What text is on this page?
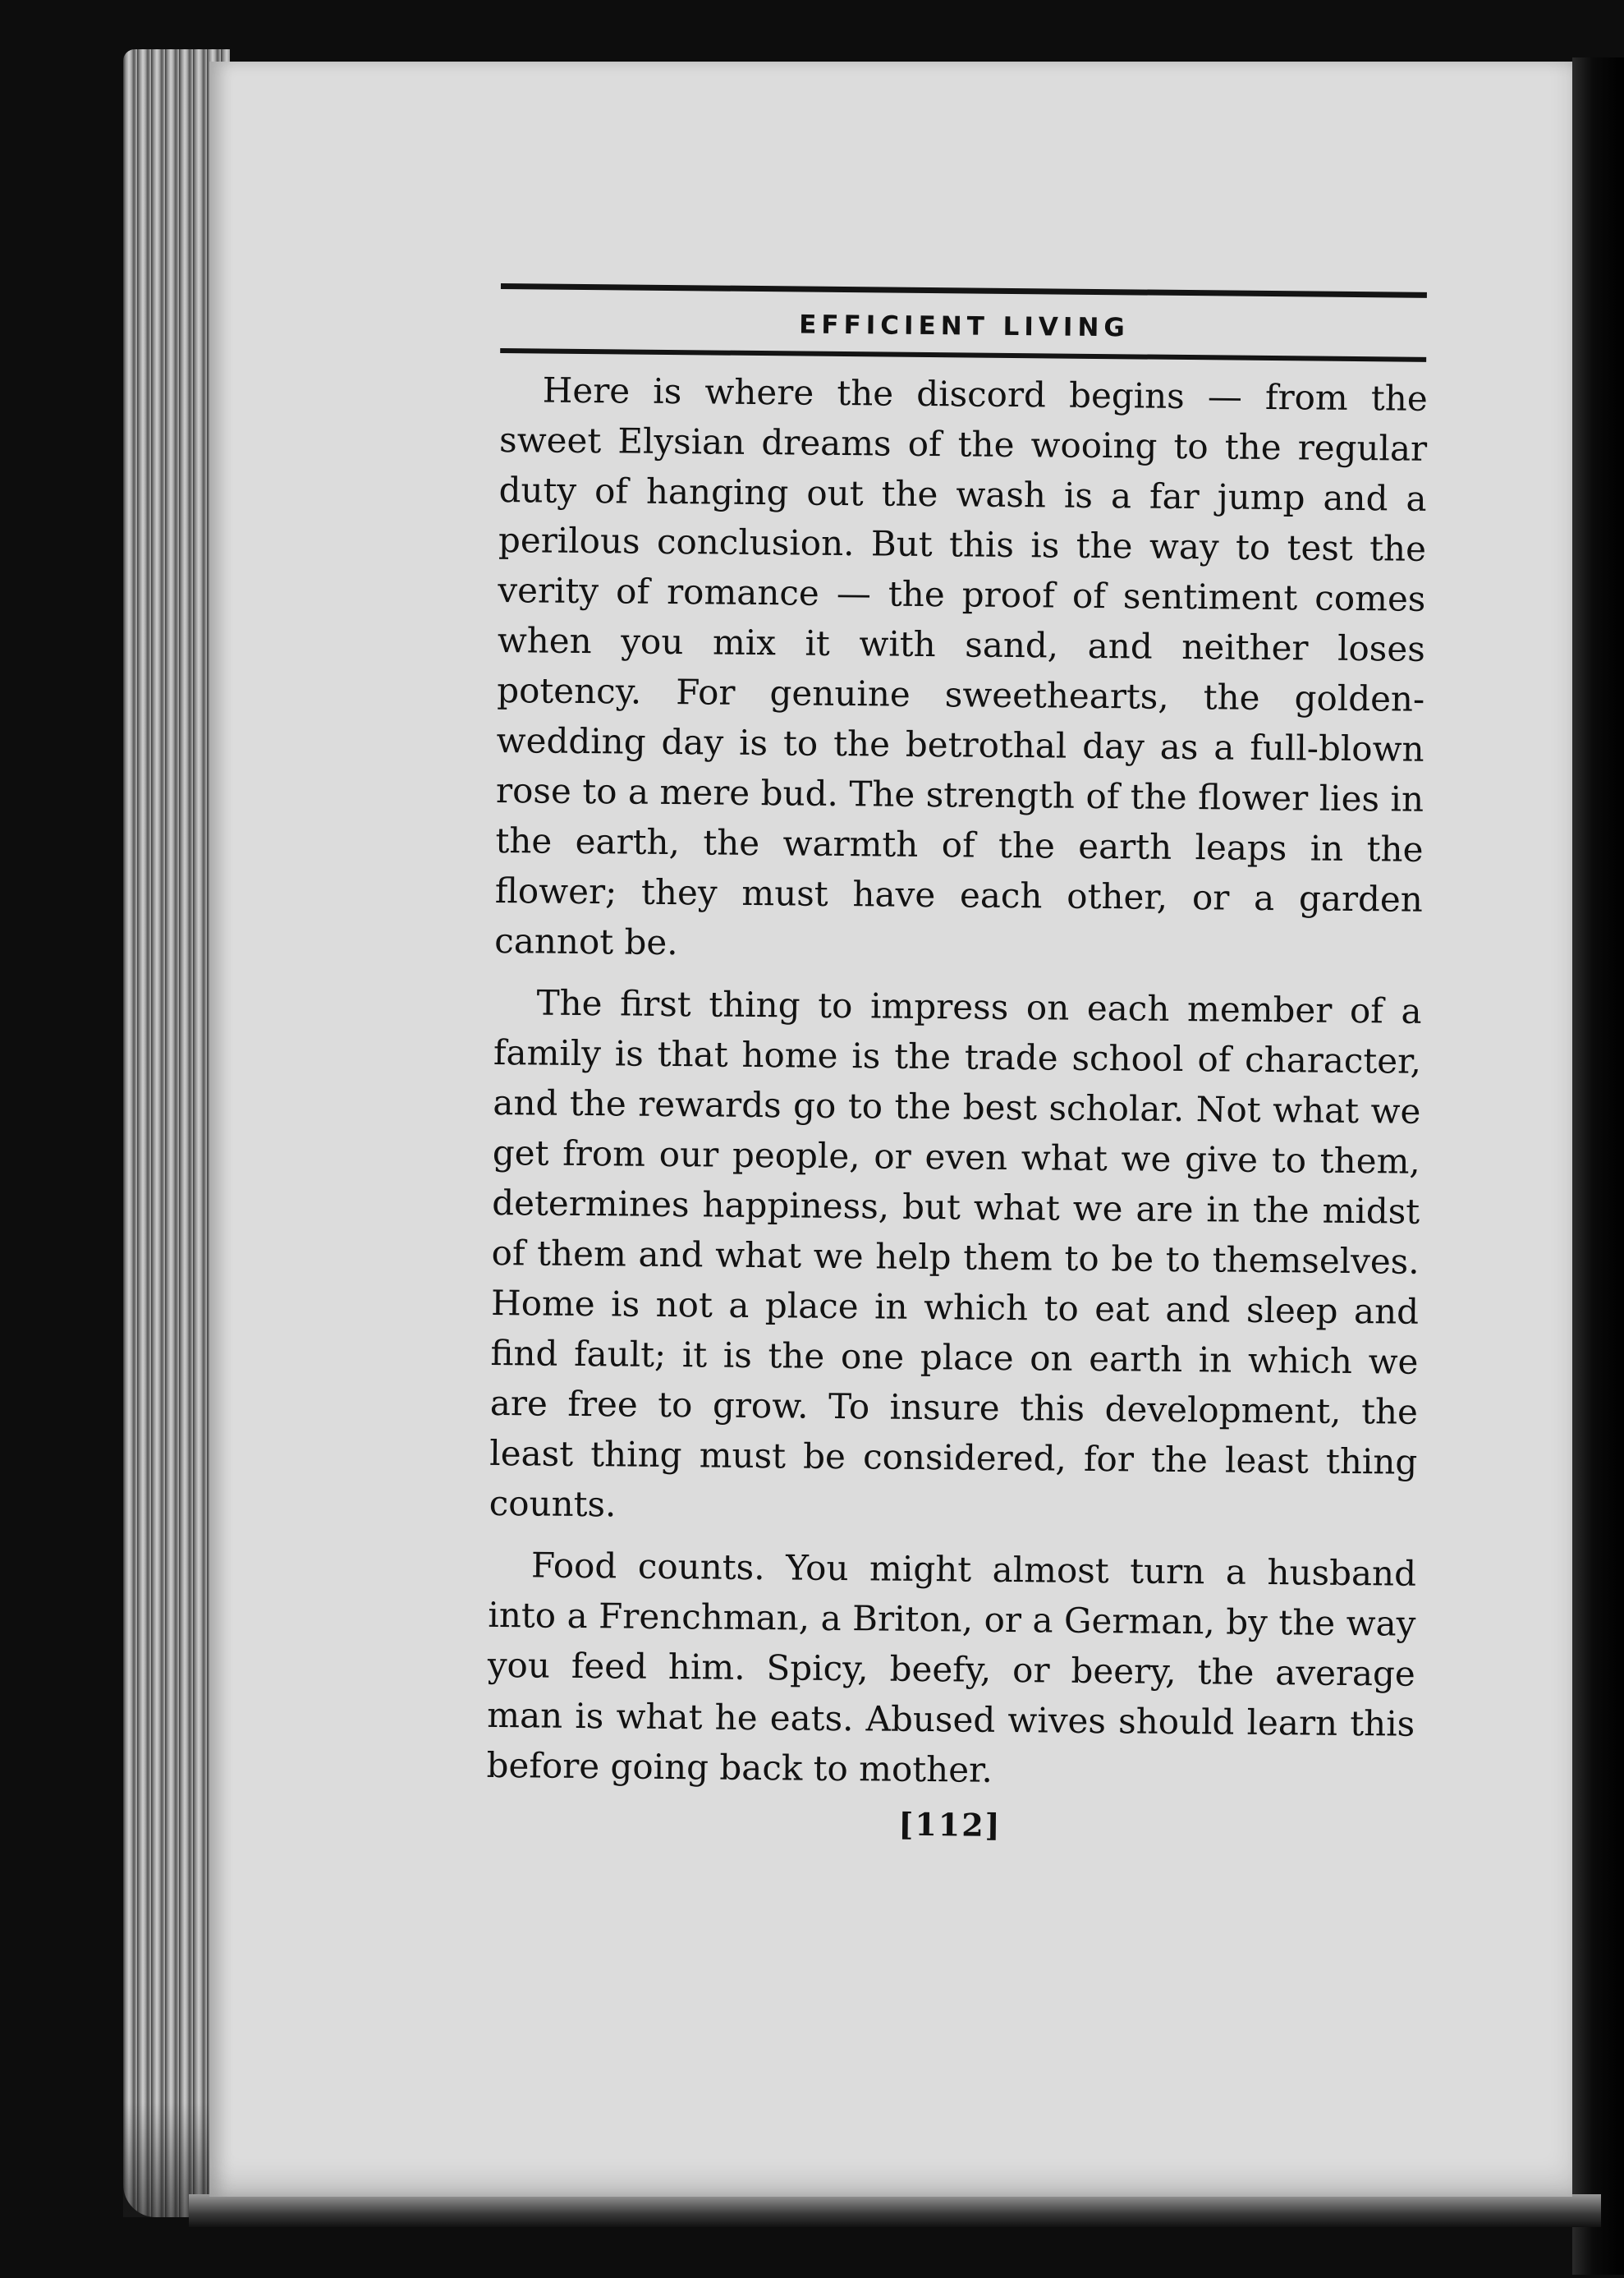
EFFICIENT LIVING

Here is where the discord begins — from the sweet Elysian dreams of the wooing to the regular duty of hanging out the wash is a far jump and a perilous conclusion. But this is the way to test the verity of romance — the proof of sentiment comes when you mix it with sand, and neither loses potency. For genuine sweethearts, the golden-wedding day is to the betrothal day as a full-blown rose to a mere bud. The strength of the flower lies in the earth, the warmth of the earth leaps in the flower; they must have each other, or a garden cannot be.

The first thing to impress on each member of a family is that home is the trade school of character, and the rewards go to the best scholar. Not what we get from our people, or even what we give to them, determines happiness, but what we are in the midst of them and what we help them to be to themselves. Home is not a place in which to eat and sleep and find fault; it is the one place on earth in which we are free to grow. To insure this development, the least thing must be considered, for the least thing counts.

Food counts. You might almost turn a husband into a Frenchman, a Briton, or a German, by the way you feed him. Spicy, beefy, or beery, the average man is what he eats. Abused wives should learn this before going back to mother.

[112]
